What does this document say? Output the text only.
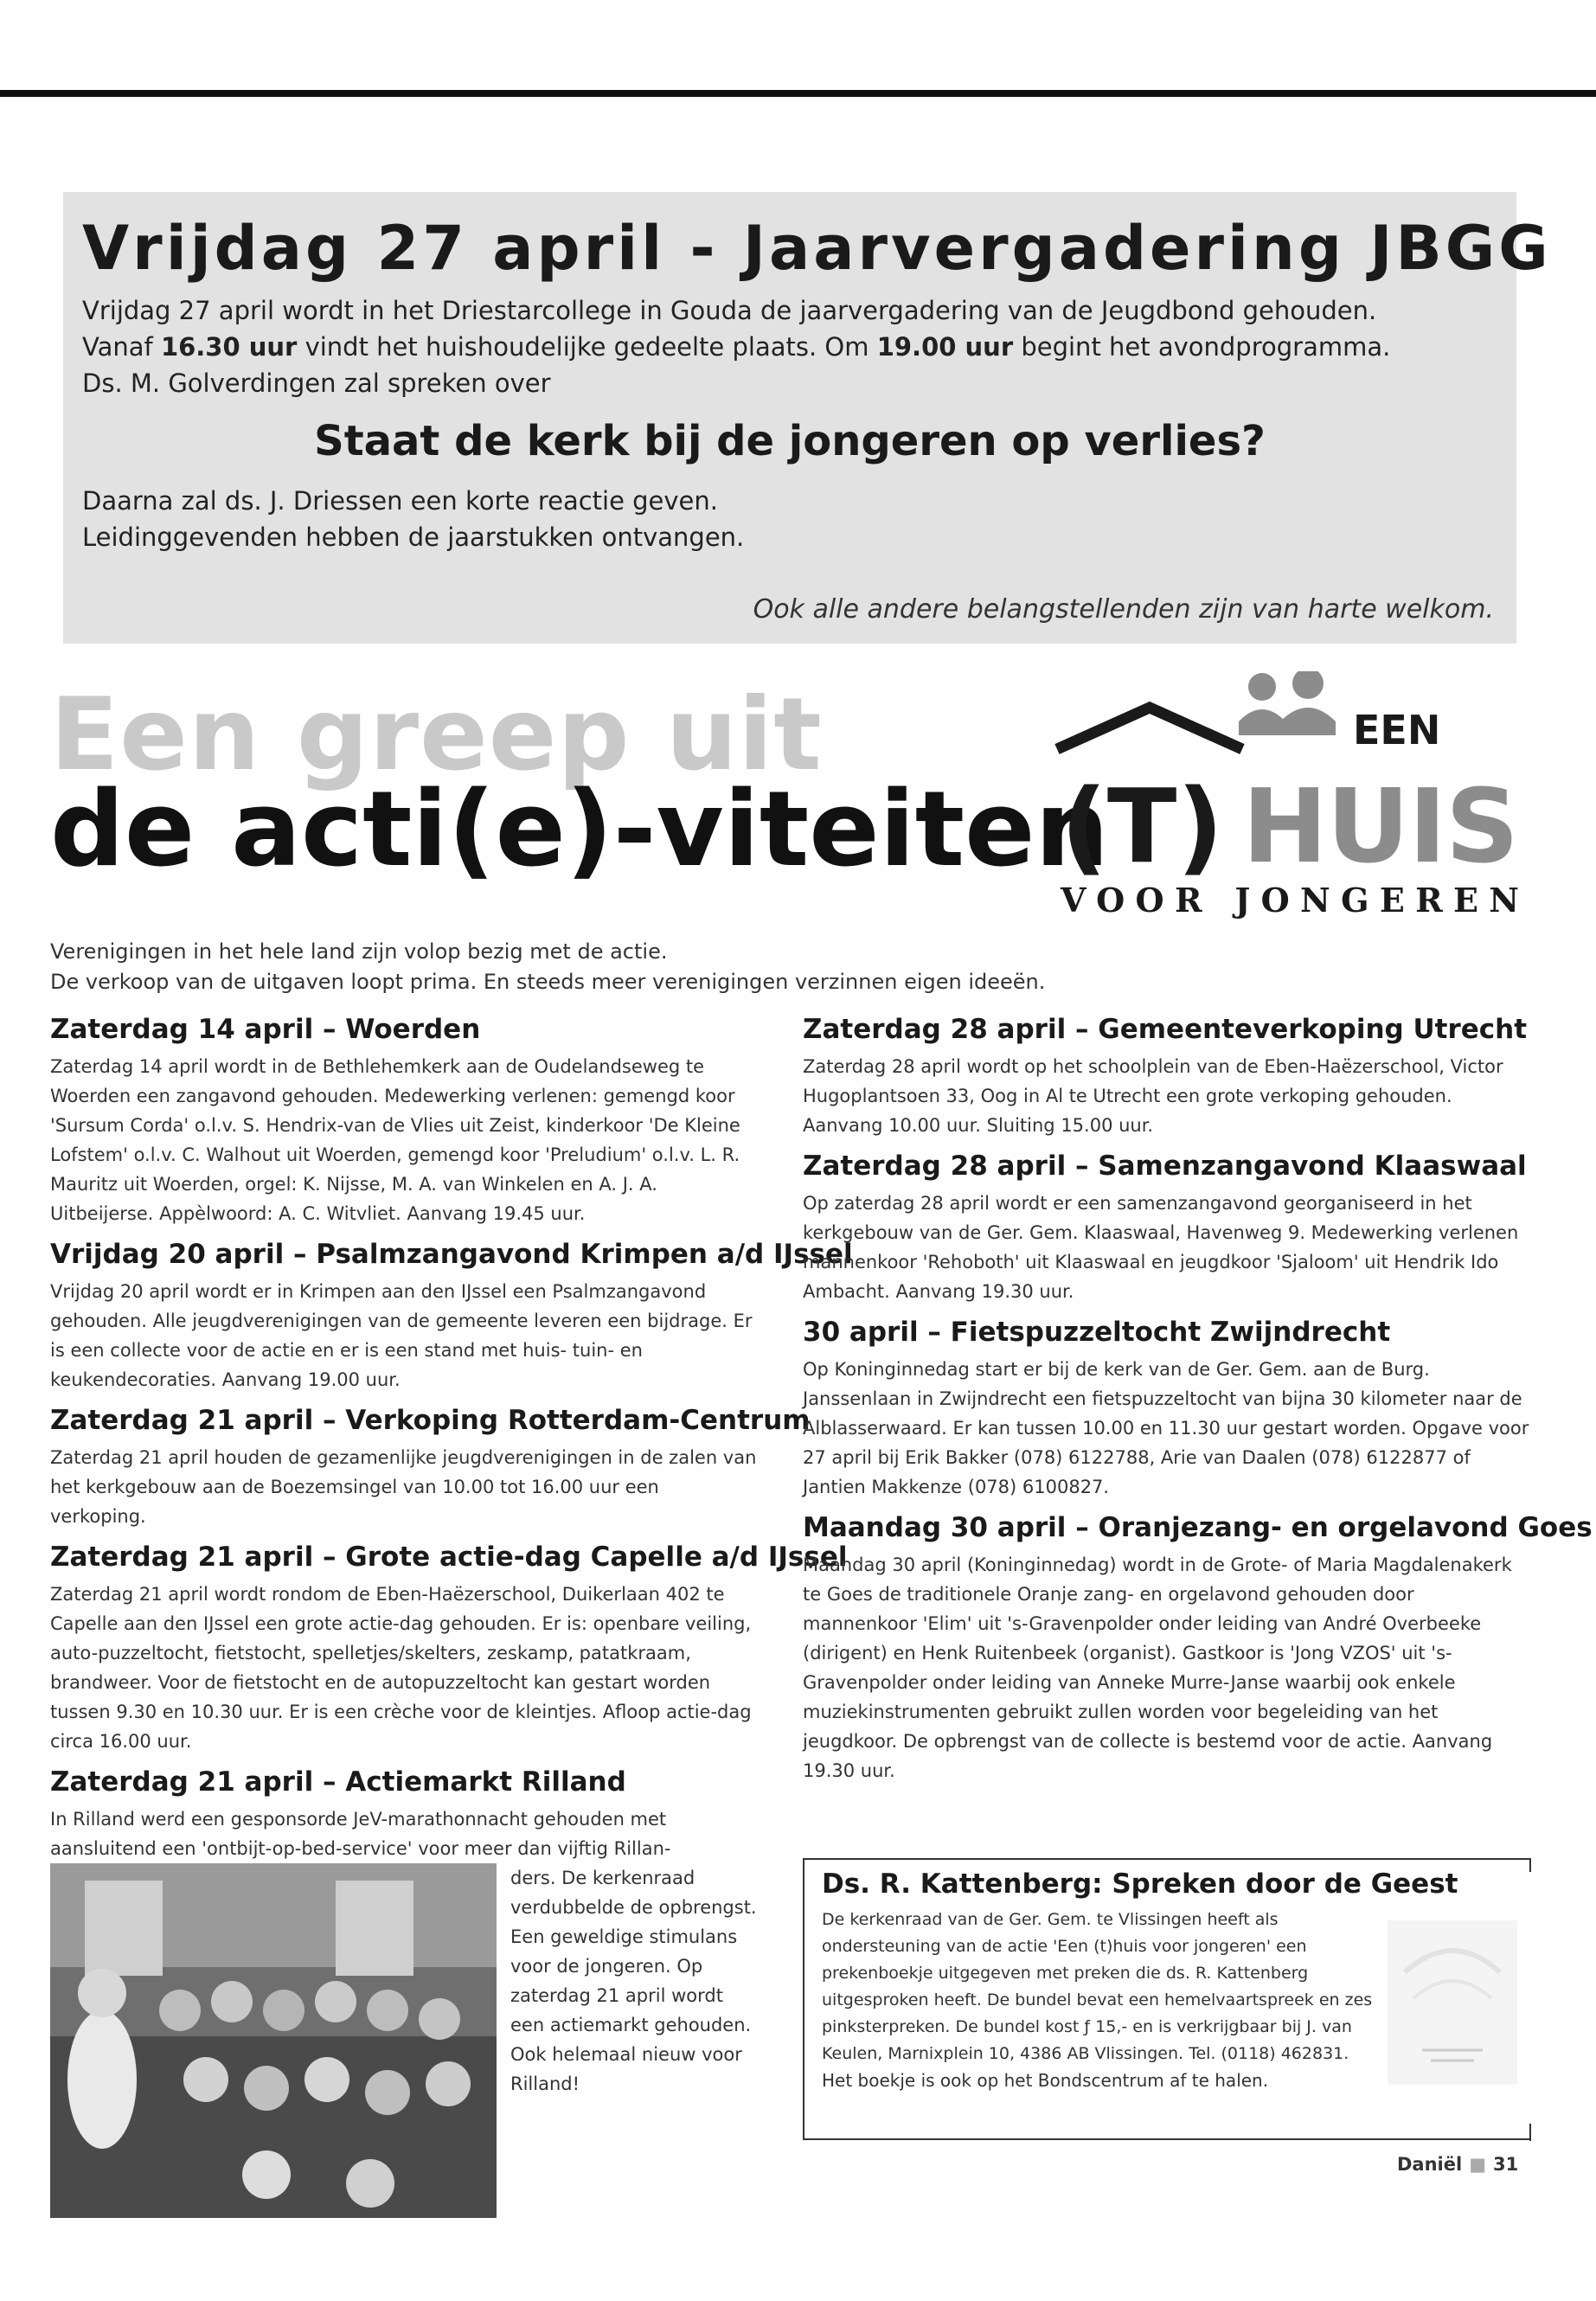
Vrijdag 27 april - Jaarvergadering JBGG

Vrijdag 27 april wordt in het Driestarcollege in Gouda de jaarvergadering van de Jeugdbond gehouden.

Vanaf 16.30 uur vindt het huishoudelijke gedeelte plaats. Om 19.00 uur begint het avondprogramma.

Ds. M. Golverdingen zal spreken over

Staat de kerk bij de jongeren op verlies?

Daarna zal ds. J. Driessen een korte reactie geven.

Leidinggevenden hebben de jaarstukken ontvangen.

Ook alle andere belangstellenden zijn van harte welkom.
Een greep uit
de acti(e)-viteiten
EEN
(T) HUIS
VOOR JONGEREN
Verenigingen in het hele land zijn volop bezig met de actie.
De verkoop van de uitgaven loopt prima. En steeds meer verenigingen verzinnen eigen ideeën.
Zaterdag 14 april – Woerden

Zaterdag 14 april wordt in de Bethlehemkerk aan de Oudelandseweg te Woerden een zangavond gehouden. Medewerking verlenen: gemengd koor 'Sursum Corda' o.l.v. S. Hendrix-van de Vlies uit Zeist, kinderkoor 'De Kleine Lofstem' o.l.v. C. Walhout uit Woerden, gemengd koor 'Preludium' o.l.v. L. R. Mauritz uit Woerden, orgel: K. Nijsse, M. A. van Winkelen en A. J. A. Uitbeijerse. Appèlwoord: A. C. Witvliet. Aanvang 19.45 uur.

Vrijdag 20 april – Psalmzangavond Krimpen a/d IJssel

Vrijdag 20 april wordt er in Krimpen aan den IJssel een Psalmzangavond gehouden. Alle jeugdverenigingen van de gemeente leveren een bijdrage. Er is een collecte voor de actie en er is een stand met huis- tuin- en keukendecoraties. Aanvang 19.00 uur.

Zaterdag 21 april – Verkoping Rotterdam-Centrum

Zaterdag 21 april houden de gezamenlijke jeugdverenigingen in de zalen van het kerkgebouw aan de Boezemsingel van 10.00 tot 16.00 uur een verkoping.

Zaterdag 21 april – Grote actie-dag Capelle a/d IJssel

Zaterdag 21 april wordt rondom de Eben-Haëzerschool, Duikerlaan 402 te Capelle aan den IJssel een grote actie-dag gehouden. Er is: openbare veiling, auto-puzzeltocht, fietstocht, spelletjes/skelters, zeskamp, patatkraam, brandweer. Voor de fietstocht en de autopuzzeltocht kan gestart worden tussen 9.30 en 10.30 uur. Er is een crèche voor de kleintjes. Afloop actie-dag circa 16.00 uur.

Zaterdag 21 april – Actiemarkt Rilland

In Rilland werd een gesponsorde JeV-marathonnacht gehouden met aansluitend een 'ontbijt-op-bed-service' voor meer dan vijftig Rillan-

ders. De kerkenraad verdubbelde de opbrengst. Een geweldige stimulans voor de jongeren. Op zaterdag 21 april wordt een actiemarkt gehouden. Ook helemaal nieuw voor Rilland!

Zaterdag 28 april – Gemeenteverkoping Utrecht

Zaterdag 28 april wordt op het schoolplein van de Eben-Haëzerschool, Victor Hugoplantsoen 33, Oog in Al te Utrecht een grote verkoping gehouden. Aanvang 10.00 uur. Sluiting 15.00 uur.

Zaterdag 28 april – Samenzangavond Klaaswaal

Op zaterdag 28 april wordt er een samenzangavond georganiseerd in het kerkgebouw van de Ger. Gem. Klaaswaal, Havenweg 9. Medewerking verlenen mannenkoor 'Rehoboth' uit Klaaswaal en jeugdkoor 'Sjaloom' uit Hendrik Ido Ambacht. Aanvang 19.30 uur.

30 april – Fietspuzzeltocht Zwijndrecht

Op Koninginnedag start er bij de kerk van de Ger. Gem. aan de Burg. Janssenlaan in Zwijndrecht een fietspuzzeltocht van bijna 30 kilometer naar de Alblasserwaard. Er kan tussen 10.00 en 11.30 uur gestart worden. Opgave voor 27 april bij Erik Bakker (078) 6122788, Arie van Daalen (078) 6122877 of Jantien Makkenze (078) 6100827.

Maandag 30 april – Oranjezang- en orgelavond Goes

Maandag 30 april (Koninginnedag) wordt in de Grote- of Maria Magdalenakerk te Goes de traditionele Oranje zang- en orgelavond gehouden door mannenkoor 'Elim' uit 's-Gravenpolder onder leiding van André Overbeeke (dirigent) en Henk Ruitenbeek (organist). Gastkoor is 'Jong VZOS' uit 's-Gravenpolder onder leiding van Anneke Murre-Janse waarbij ook enkele muziekinstrumenten gebruikt zullen worden voor begeleiding van het jeugdkoor. De opbrengst van de collecte is bestemd voor de actie. Aanvang 19.30 uur.

Ds. R. Kattenberg: Spreken door de Geest
De kerkenraad van de Ger. Gem. te Vlissingen heeft als ondersteuning van de actie 'Een (t)huis voor jongeren' een prekenboekje uitgegeven met preken die ds. R. Kattenberg uitgesproken heeft. De bundel bevat een hemelvaartspreek en zes pinksterpreken. De bundel kost ƒ 15,- en is verkrijgbaar bij J. van Keulen, Marnixplein 10, 4386 AB Vlissingen. Tel. (0118) 462831.
Het boekje is ook op het Bondscentrum af te halen.
Daniël ■ 31
